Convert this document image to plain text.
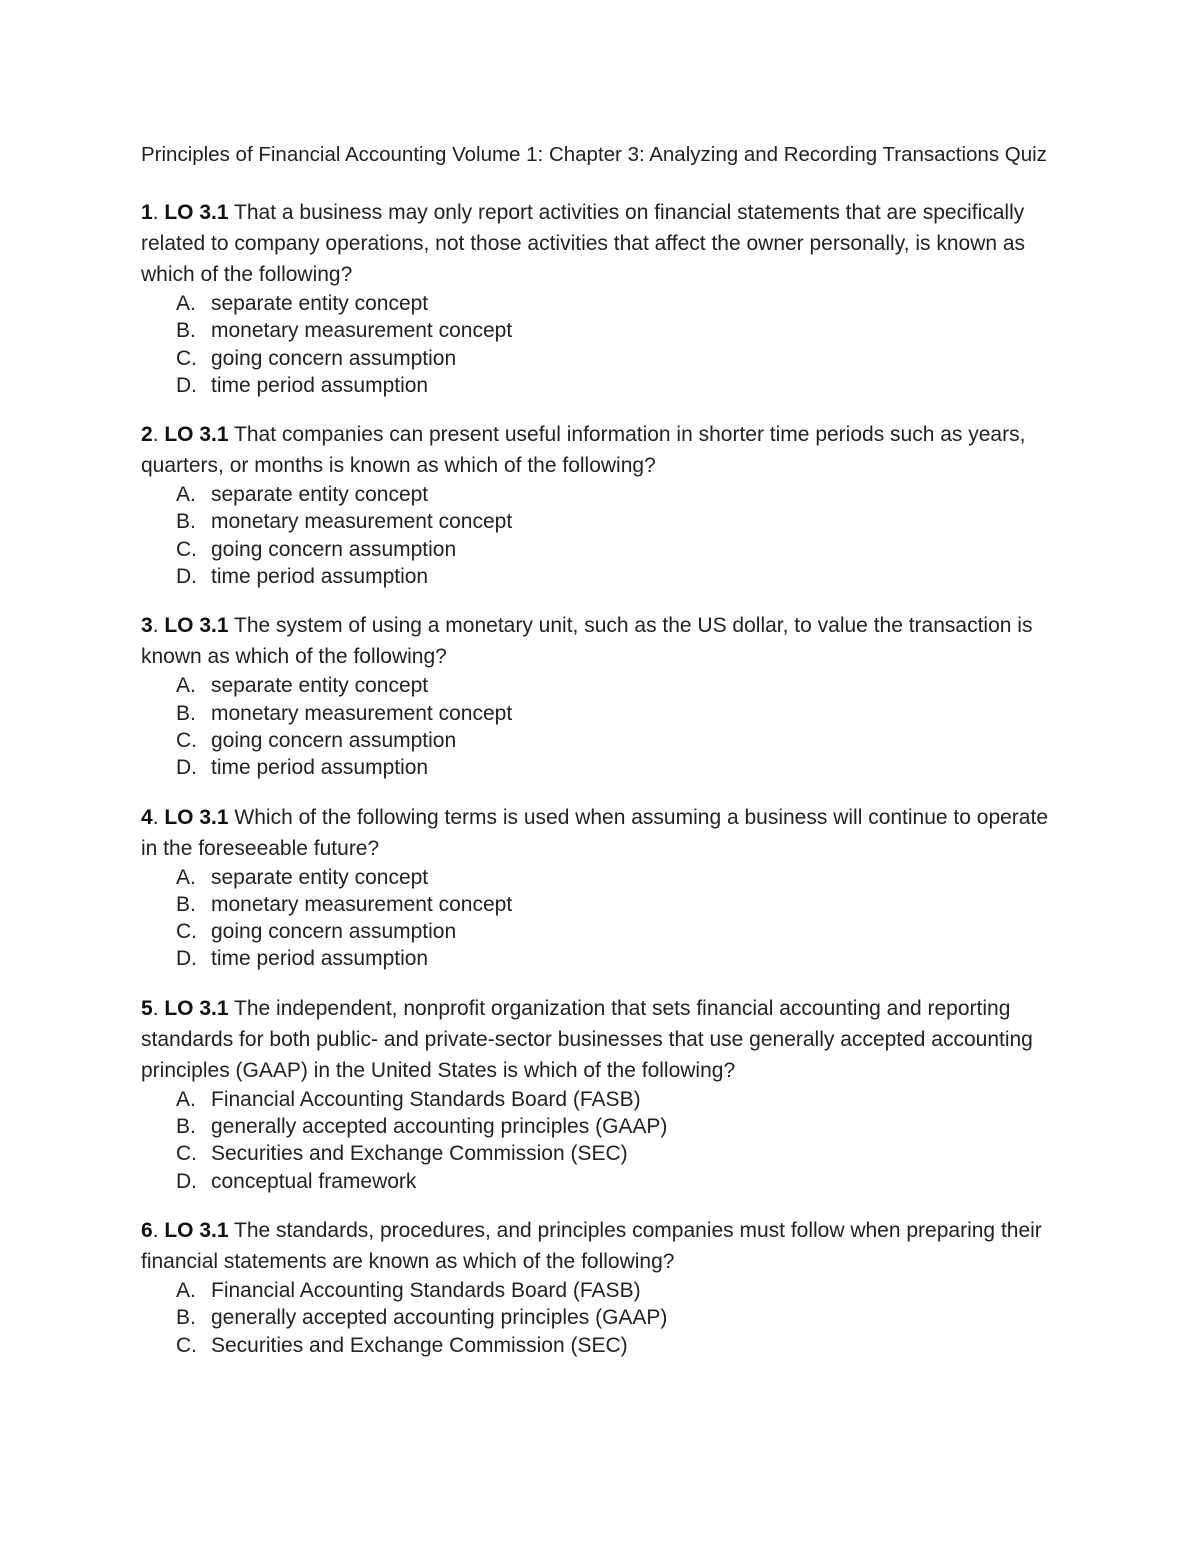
Principles of Financial Accounting Volume 1: Chapter 3: Analyzing and Recording Transactions Quiz

1. LO 3.1 That a business may only report activities on financial statements that are specifically related to company operations, not those activities that affect the owner personally, is known as which of the following?

A. separate entity concept
B. monetary measurement concept
C. going concern assumption
D. time period assumption

2. LO 3.1 That companies can present useful information in shorter time periods such as years, quarters, or months is known as which of the following?

A. separate entity concept
B. monetary measurement concept
C. going concern assumption
D. time period assumption

3. LO 3.1 The system of using a monetary unit, such as the US dollar, to value the transaction is known as which of the following?

A. separate entity concept
B. monetary measurement concept
C. going concern assumption
D. time period assumption

4. LO 3.1 Which of the following terms is used when assuming a business will continue to operate in the foreseeable future?

A. separate entity concept
B. monetary measurement concept
C. going concern assumption
D. time period assumption

5. LO 3.1 The independent, nonprofit organization that sets financial accounting and reporting standards for both public- and private-sector businesses that use generally accepted accounting principles (GAAP) in the United States is which of the following?

A. Financial Accounting Standards Board (FASB)
B. generally accepted accounting principles (GAAP)
C. Securities and Exchange Commission (SEC)
D. conceptual framework

6. LO 3.1 The standards, procedures, and principles companies must follow when preparing their financial statements are known as which of the following?

A. Financial Accounting Standards Board (FASB)
B. generally accepted accounting principles (GAAP)
C. Securities and Exchange Commission (SEC)
